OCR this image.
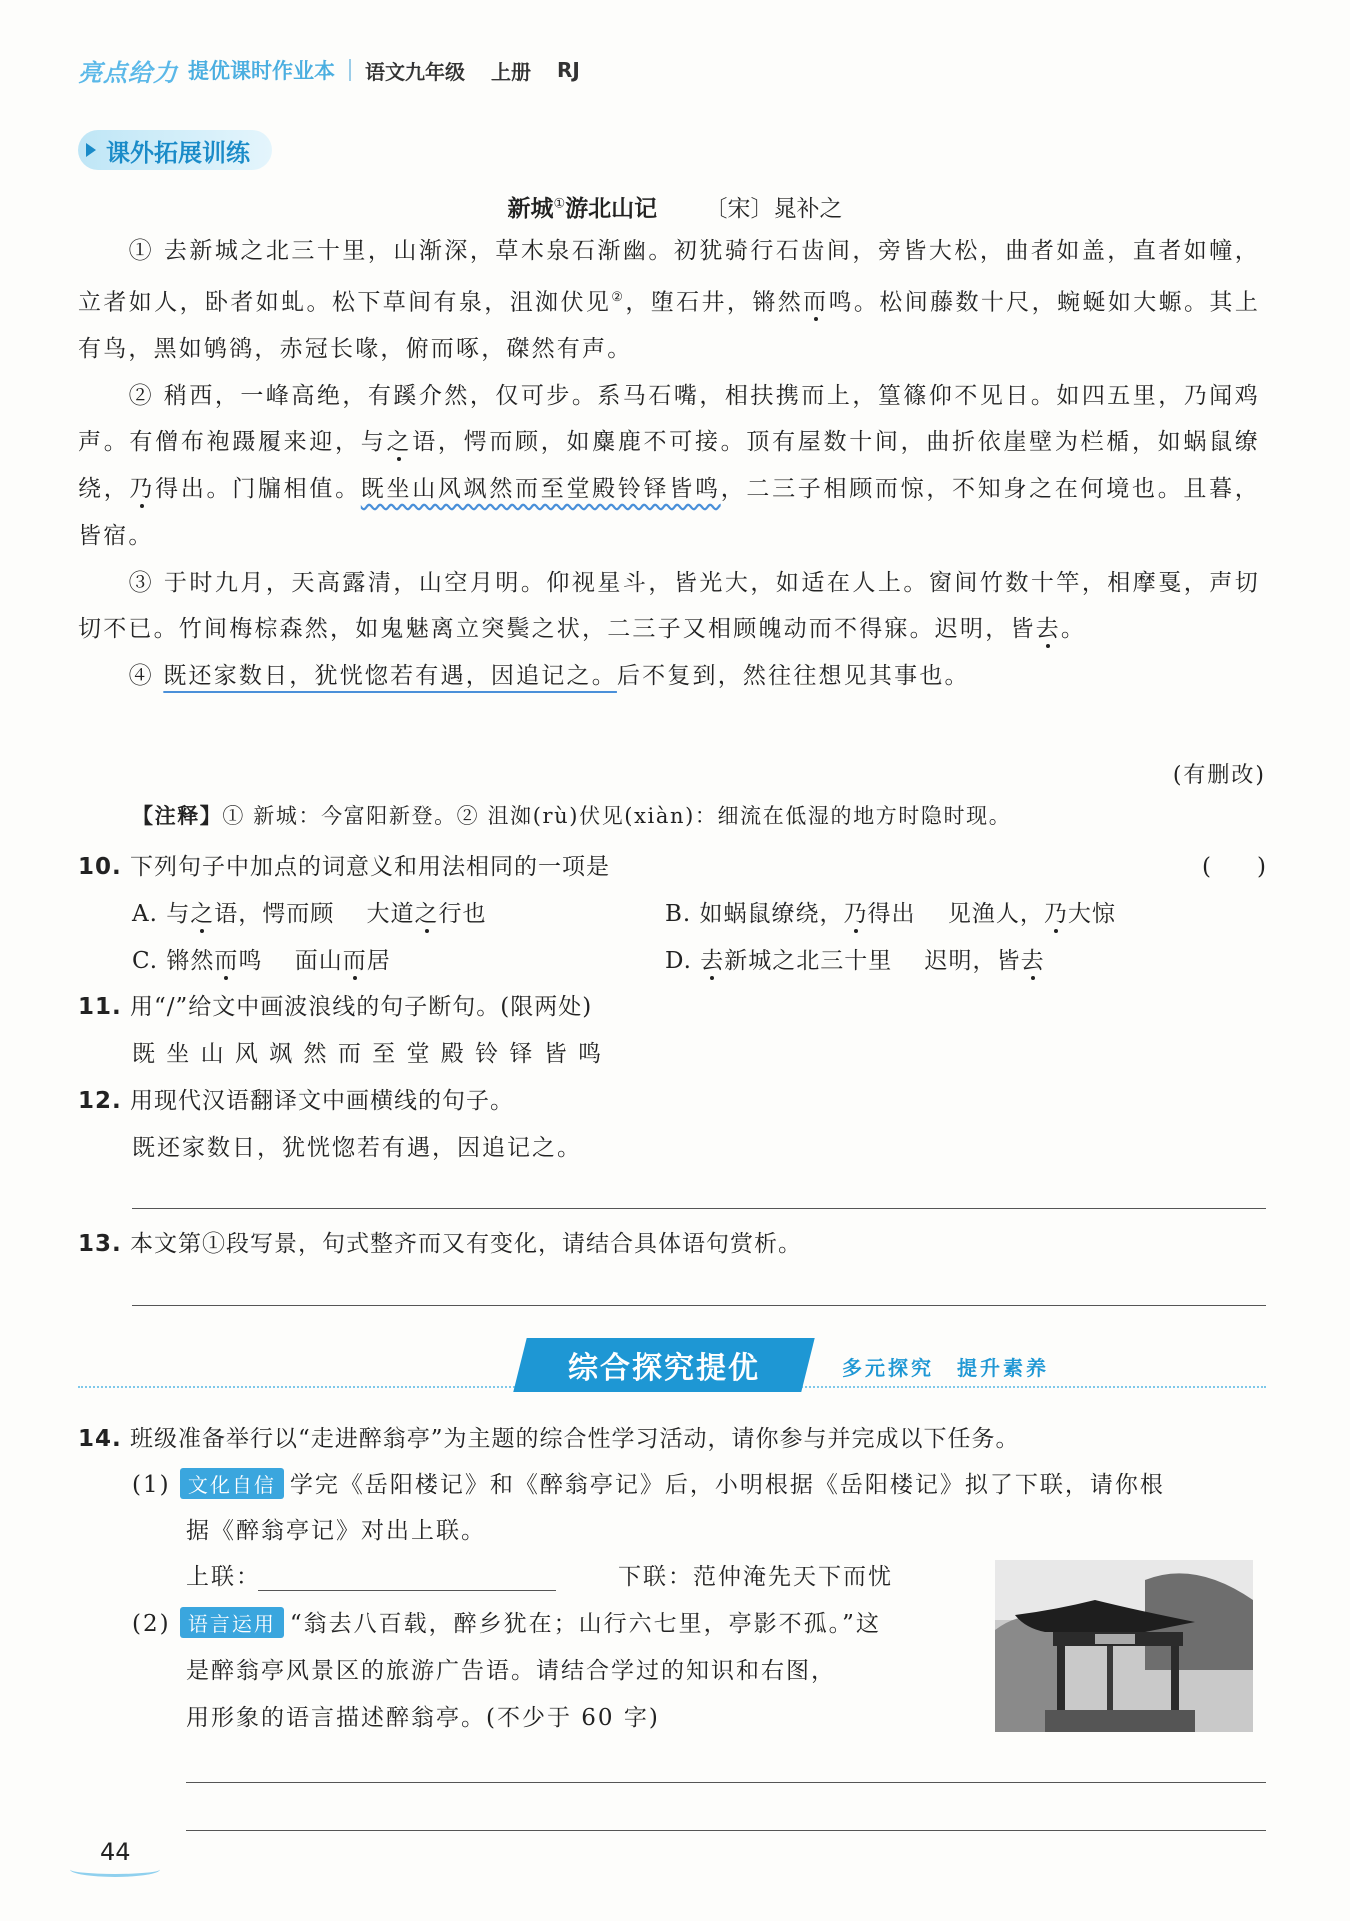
亮点给力 提优课时作业本 语文九年级 上册 RJ
课外拓展训练
新城①游北山记 〔宋〕晁补之

① 去新城之北三十里，山渐深，草木泉石渐幽。初犹骑行石齿间，旁皆大松，曲者如盖，直者如幢，立者如人，卧者如虬。松下草间有泉，沮洳伏见②，堕石井，锵然而鸣。松间藤数十尺，蜿蜒如大螈。其上有鸟，黑如鸲鹆，赤冠长喙，俯而啄，磔然有声。

② 稍西，一峰高绝，有蹊介然，仅可步。系马石嘴，相扶携而上，篁篠仰不见日。如四五里，乃闻鸡声。有僧布袍蹑履来迎，与之语，愕而顾，如麋鹿不可接。顶有屋数十间，曲折依崖壁为栏楯，如蜗鼠缭绕，乃得出。门牖相值。既坐山风飒然而至堂殿铃铎皆鸣，二三子相顾而惊，不知身之在何境也。且暮，皆宿。

③ 于时九月，天高露清，山空月明。仰视星斗，皆光大，如适在人上。窗间竹数十竿，相摩戛，声切切不已。竹间梅棕森然，如鬼魅离立突鬓之状，二三子又相顾魄动而不得寐。迟明，皆去。

④ 既还家数日，犹恍惚若有遇，因追记之。后不复到，然往往想见其事也。

(有删改)
【注释】① 新城：今富阳新登。② 沮洳(rù)伏见(xiàn)：细流在低湿的地方时隐时现。
10. 下列句子中加点的词意义和用法相同的一项是	(　　)
A. 与之语，愕而顾　 大道之行也	B. 如蜗鼠缭绕，乃得出　 见渔人，乃大惊
C. 锵然而鸣　 面山而居	D. 去新城之北三十里　 迟明，皆去
11. 用“/”给文中画波浪线的句子断句。(限两处)
既 坐 山 风 飒 然 而 至 堂 殿 铃 铎 皆 鸣
12. 用现代汉语翻译文中画横线的句子。
既还家数日，犹恍惚若有遇，因追记之。
13. 本文第①段写景，句式整齐而又有变化，请结合具体语句赏析。
综合探究提优	多元探究　提升素养
14. 班级准备举行以“走进醉翁亭”为主题的综合性学习活动，请你参与并完成以下任务。
(1) 文化自信 学完《岳阳楼记》和《醉翁亭记》后，小明根据《岳阳楼记》拟了下联，请你根
据《醉翁亭记》对出上联。
上联：	下联：范仲淹先天下而忧
(2) 语言运用 “翁去八百载，醉乡犹在；山行六七里，亭影不孤。”这
是醉翁亭风景区的旅游广告语。请结合学过的知识和右图，
用形象的语言描述醉翁亭。(不少于 60 字)
44
